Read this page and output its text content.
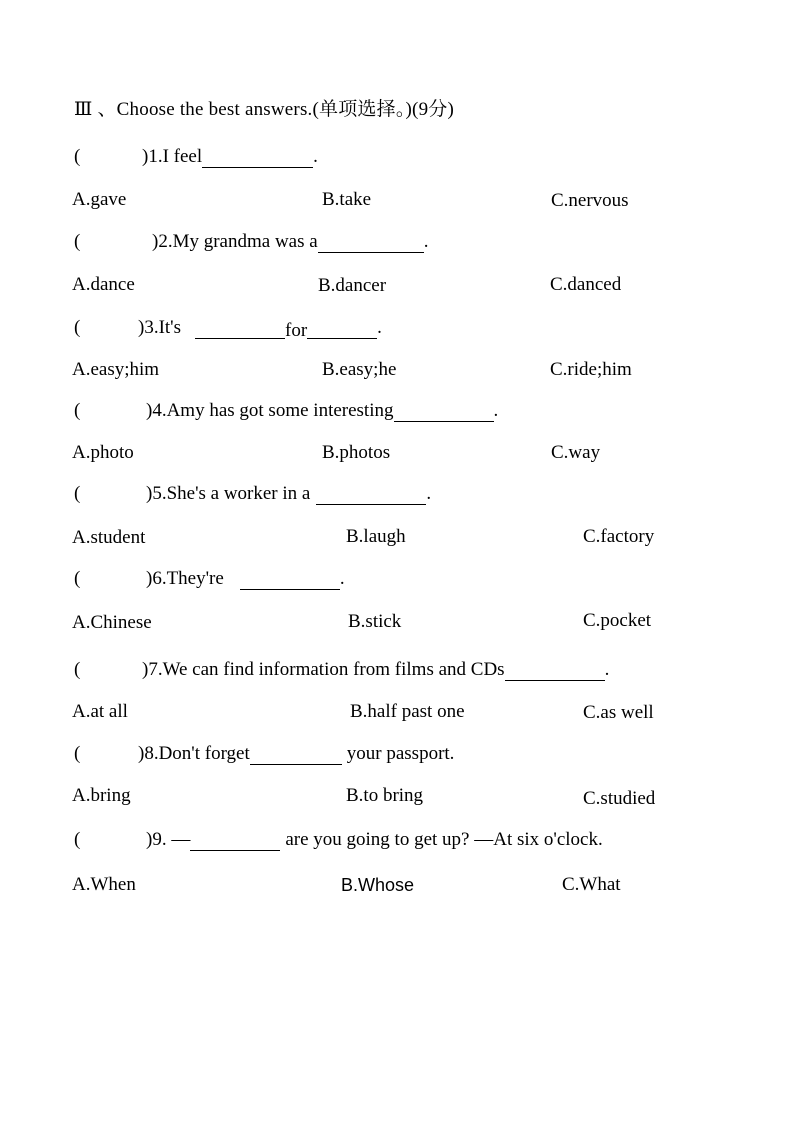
Ⅲ 、Choose the best answers.(单项选择。)(9分)
(	)1.I feel	.
A.gave	B.take	C.nervous
(	)2.My grandma was a	.
A.dance	B.dancer	C.danced
(	)3.It's	for	.
A.easy;him	B.easy;he	C.ride;him
(	)4.Amy has got some interesting	.
A.photo	B.photos	C.way
(	)5.She's a worker in a	.
A.student	B.laugh	C.factory
(	)6.They're	.
A.Chinese	B.stick	C.pocket
(	)7.We can find information from films and CDs	.
A.at all	B.half past one	C.as well
(	)8.Don't forget	your passport.
A.bring	B.to bring	C.studied
(	)9. —	are you going to get up? —At six o'clock.
A.When	B.Whose	C.What
